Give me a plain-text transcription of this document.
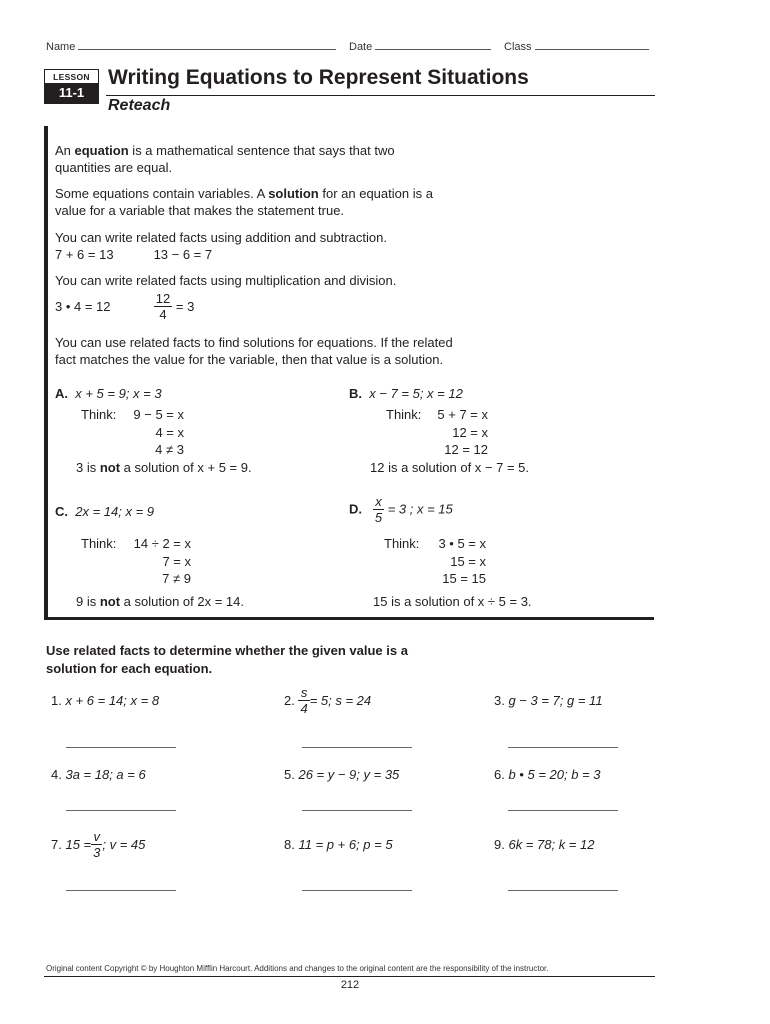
Name	Date	Class
LESSON
11-1
Writing Equations to Represent Situations
Reteach
An equation is a mathematical sentence that says that two
quantities are equal.
Some equations contain variables. A solution for an equation is a
value for a variable that makes the statement true.
You can write related facts using addition and subtraction.
7 + 6 = 13	13 − 6 = 7
You can write related facts using multiplication and division.
3 • 4 = 12	$\frac{12}{4} = 3$
You can use related facts to find solutions for equations. If the related
fact matches the value for the variable, then that value is a solution.
A. x + 5 = 9; x = 3
Think:	9 − 5 = x
4 = x
4 ≠ 3
3 is not a solution of x + 5 = 9.
B. x − 7 = 5; x = 12
Think:	5 + 7 = x
12 = x
12 = 12
12 is a solution of x − 7 = 5.
C. 2x = 14; x = 9
Think:	14 ÷ 2 = x
7 = x
7 ≠ 9
9 is not a solution of 2x = 14.
D. $\frac{x}{5} = 3$ ; x = 15
Think:	3 • 5 = x
15 = x
15 = 15
15 is a solution of x ÷ 5 = 3.
Use related facts to determine whether the given value is a
solution for each equation.
1. x + 6 = 14; x = 8	2. $\frac{s}{4} = 5$; s = 24	3. g − 3 = 7; g = 11
4. 3a = 18; a = 6	5. 26 = y − 9; y = 35	6. b • 5 = 20; b = 3
7. $15 = \frac{v}{3}$ ; v = 45	8. 11 = p + 6; p = 5	9. 6k = 78; k = 12
Original content Copyright © by Houghton Mifflin Harcourt. Additions and changes to the original content are the responsibility of the instructor.
212
